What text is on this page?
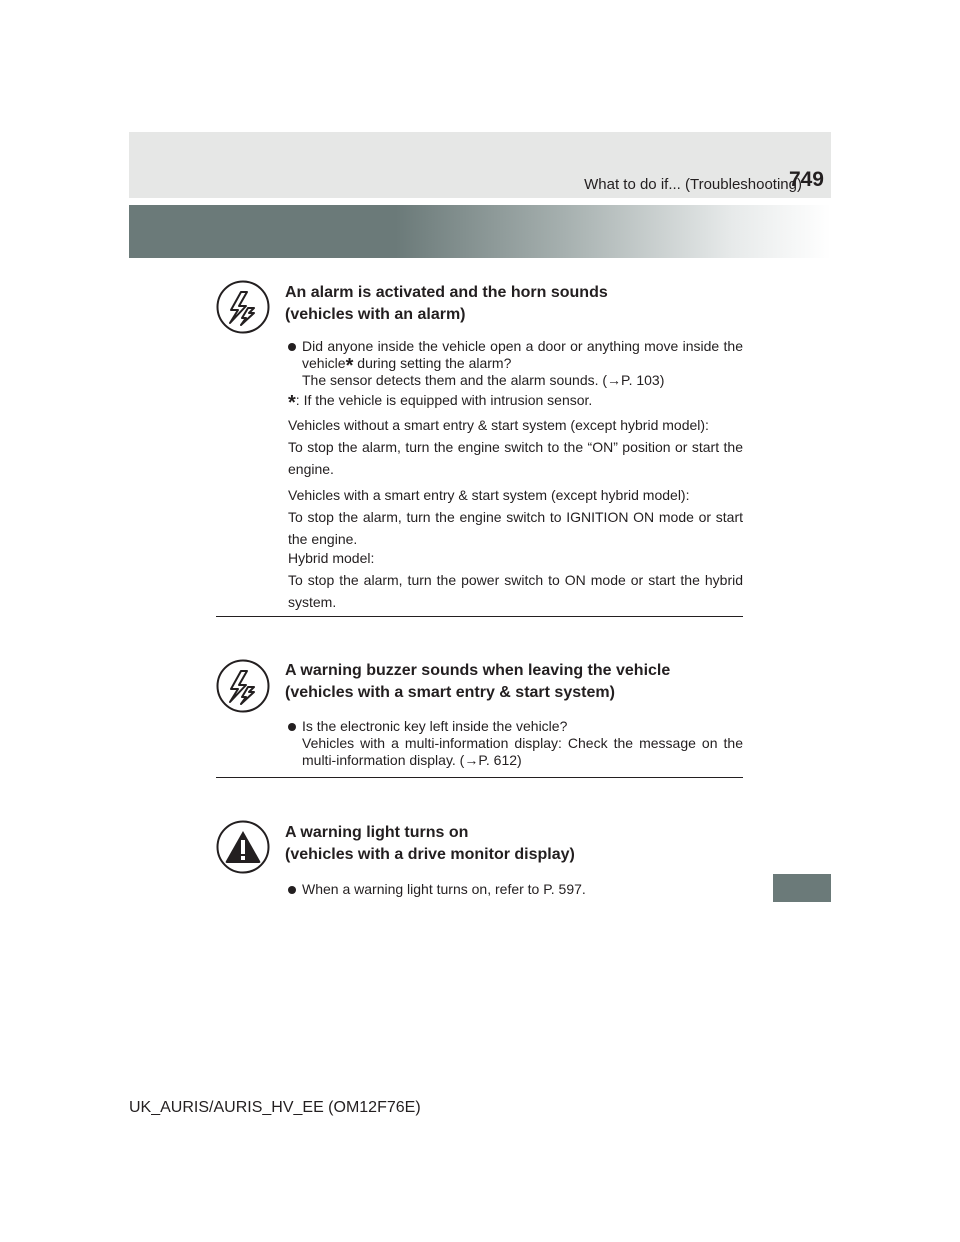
What to do if... (Troubleshooting)
749
An alarm is activated and the horn sounds
(vehicles with an alarm)
Did anyone inside the vehicle open a door or anything move inside the vehicle* during setting the alarm?
The sensor detects them and the alarm sounds. (→P. 103)
*: If the vehicle is equipped with intrusion sensor.
Vehicles without a smart entry & start system (except hybrid model):
To stop the alarm, turn the engine switch to the “ON” position or start the engine.
Vehicles with a smart entry & start system (except hybrid model):
To stop the alarm, turn the engine switch to IGNITION ON mode or start the engine.
Hybrid model:
To stop the alarm, turn the power switch to ON mode or start the hybrid system.
A warning buzzer sounds when leaving the vehicle
(vehicles with a smart entry & start system)
Is the electronic key left inside the vehicle?
Vehicles with a multi-information display: Check the message on the multi-information display. (→P. 612)
A warning light turns on
(vehicles with a drive monitor display)
When a warning light turns on, refer to P. 597.
UK_AURIS/AURIS_HV_EE (OM12F76E)
